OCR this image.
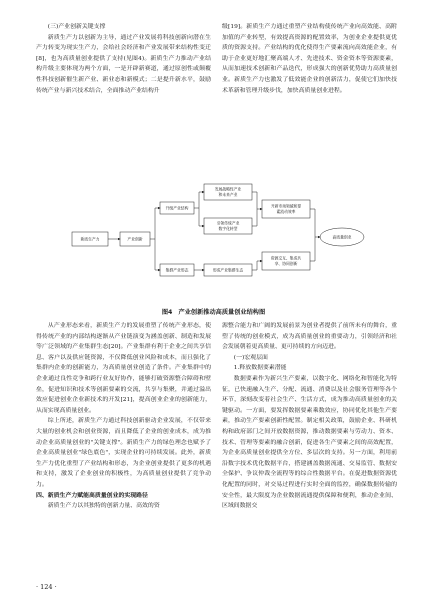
(三)产业创新关键支撑

新质生产力以创新为主导，通过产业发展将科技创新向潜在生产力转变为现实生产力，会给社会经济和产业发展带来结构性变迁[8]，也为高质量创业提供了支持(见图4)。新质生产力推动产业结构升级主要体现为两个方面，一是开辟新赛道，通过原创性或颠覆性科技创新催生新产业、新业态和新模式；二是提升新水平，鼓励传统产业与新兴技术结合，全面推动产业结构升

级[19]。新质生产力通过重塑产业结构使传统产业向高效能、高附加值的产业转型，有效提高资源的配置效率，为创业企业提供更优质的资源支持。产业结构的优化使得生产要素流向高效能企业，有助于企业更好地汇聚高端人才、先进技术、资金资本等资源要素，从而加速技术创新和产品迭代，形成强大的创新优势助力高质量创业。新质生产力也激发了低效能企业的创新活力，促使它们加快技术革新和管理升级步伐，加快高质量创业进程。

新质生产力	产业创新
升级产业结构
集群产业形态
发展战略性产业
和未来产业
引领传统产业
数字化转型
形成产业集群生态
开辟市场领域和要
素流动效率
资源交互、集成共
享、协同创新
高质量创业
图4　产业创新推动高质量创业结构图

从产业形态来看，新质生产力的发展重塑了传统产业形态，使得传统产业的内部结构逐渐从产业链演变为涵盖创新、制造和发展等广泛领域的产业集群生态[20]。产业集群有利于企业之间共享信息、客户以及供应链资源，不仅降低创业风险和成本，而且强化了集群内企业的创新能力，为高质量创业创造了条件。产业集群中的企业通过良性竞争和跨行业友好协作，能够打破资源整合障碍和壁垒，促进知识和技术等创新要素的交流，共享与集聚，并通过溢出效应促进创业企业新技术的开发[21]，提高创业企业的创新能力，从而实现高质量创业。

综上所述，新质生产力通过科技创新驱动企业发展，不仅带来大量的创业机会和创业资源，而且降低了企业的创业成本，成为推动企业高质量创业的"关键支撑"。新质生产力的绿色理念也赋予了企业高质量创业"绿色底色"，实现企业的可持续发展。此外，新质生产力优化重塑了产业结构和形态，为企业创业提供了更多的机遇和支持，激发了企业创业的积极性，为高质量创业提供了竞争动力。

四、新质生产力赋能高质量创业的实现路径

新质生产力以其独特的创新力量、高效的资

源整合能力和广阔的发展前景为创业者提供了前所未有的舞台，重塑了传统的创业模式，成为高质量创业的重要动力，引领经济和社会发展朝着更高质量、更可持续的方向迈进。

(一)宏观层面

1.释放数据要素潜能

数据要素作为新兴生产要素，以数字化、网络化和智能化为特征，已快速融入生产、分配、流通、消费以及社会服务管理等各个环节，深刻改变着社会生产、生活方式，成为推动高质量创业的关键驱动。一方面，要发挥数据要素乘数效应，协同优化其他生产要素，推动生产要素创新性配置。制定相关政策，鼓励企业、科研机构和政府部门之间开放数据资源，推动数据要素与劳动力、资本、技术、管理等要素的融合创新，促进各生产要素之间的高效配置，为企业高质量创业提供全方位、多层次的支持。另一方面，利用前沿数字技术优化数据平台，搭建涵盖数据流通、交易监管、数据安全保护、争议仲裁全流程等的综合性数据平台。在促进数据资源优化配置的同时，对交易过程进行实时全面的监控，确保数据传输的安全性，最大限度为企业数据流通提供保障和便利，推动企业间、区域间数据交

· 124 ·
